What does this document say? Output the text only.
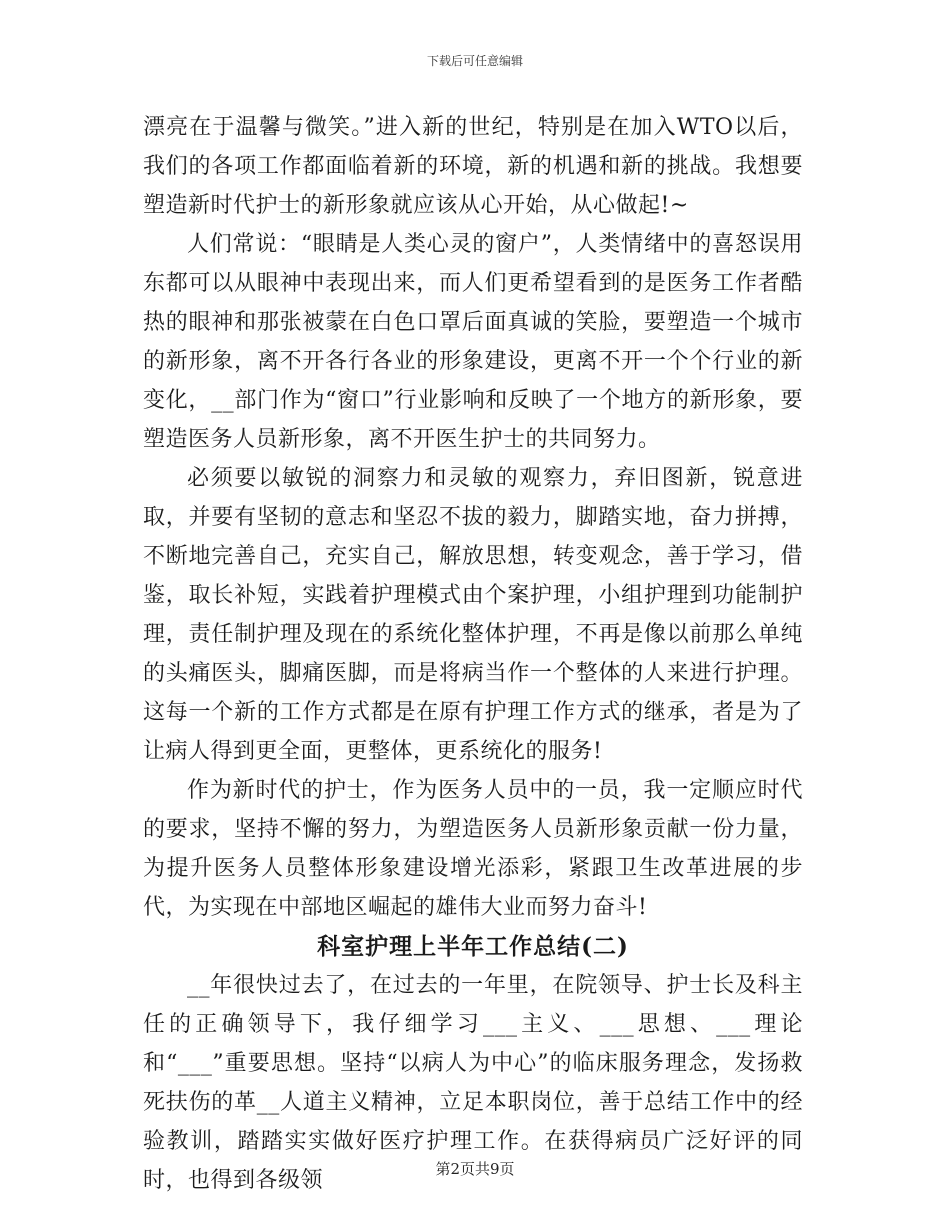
下载后可任意编辑

漂亮在于温馨与微笑。”进入新的世纪，特别是在加入WTO以后，我们的各项工作都面临着新的环境，新的机遇和新的挑战。我想要塑造新时代护士的新形象就应该从心开始，从心做起!~

人们常说：“眼睛是人类心灵的窗户”，人类情绪中的喜怒误用东都可以从眼神中表现出来，而人们更希望看到的是医务工作者酷热的眼神和那张被蒙在白色口罩后面真诚的笑脸，要塑造一个城市的新形象，离不开各行各业的形象建设，更离不开一个个行业的新变化，__部门作为“窗口”行业影响和反映了一个地方的新形象，要塑造医务人员新形象，离不开医生护士的共同努力。

必须要以敏锐的洞察力和灵敏的观察力，弃旧图新，锐意进取，并要有坚韧的意志和坚忍不拔的毅力，脚踏实地，奋力拼搏，不断地完善自己，充实自己，解放思想，转变观念，善于学习，借鉴，取长补短，实践着护理模式由个案护理，小组护理到功能制护理，责任制护理及现在的系统化整体护理，不再是像以前那么单纯的头痛医头，脚痛医脚，而是将病当作一个整体的人来进行护理。这每一个新的工作方式都是在原有护理工作方式的继承，者是为了让病人得到更全面，更整体，更系统化的服务!

作为新时代的护士，作为医务人员中的一员，我一定顺应时代的要求，坚持不懈的努力，为塑造医务人员新形象贡献一份力量，为提升医务人员整体形象建设增光添彩，紧跟卫生改革进展的步代，为实现在中部地区崛起的雄伟大业而努力奋斗!

科室护理上半年工作总结(二)

__年很快过去了，在过去的一年里，在院领导、护士长及科主任的正确领导下，我仔细学习___主义、___思想、___理论和“___”重要思想。坚持“以病人为中心”的临床服务理念，发扬救死扶伤的革__人道主义精神，立足本职岗位，善于总结工作中的经验教训，踏踏实实做好医疗护理工作。在获得病员广泛好评的同时，也得到各级领	第2页共9页
